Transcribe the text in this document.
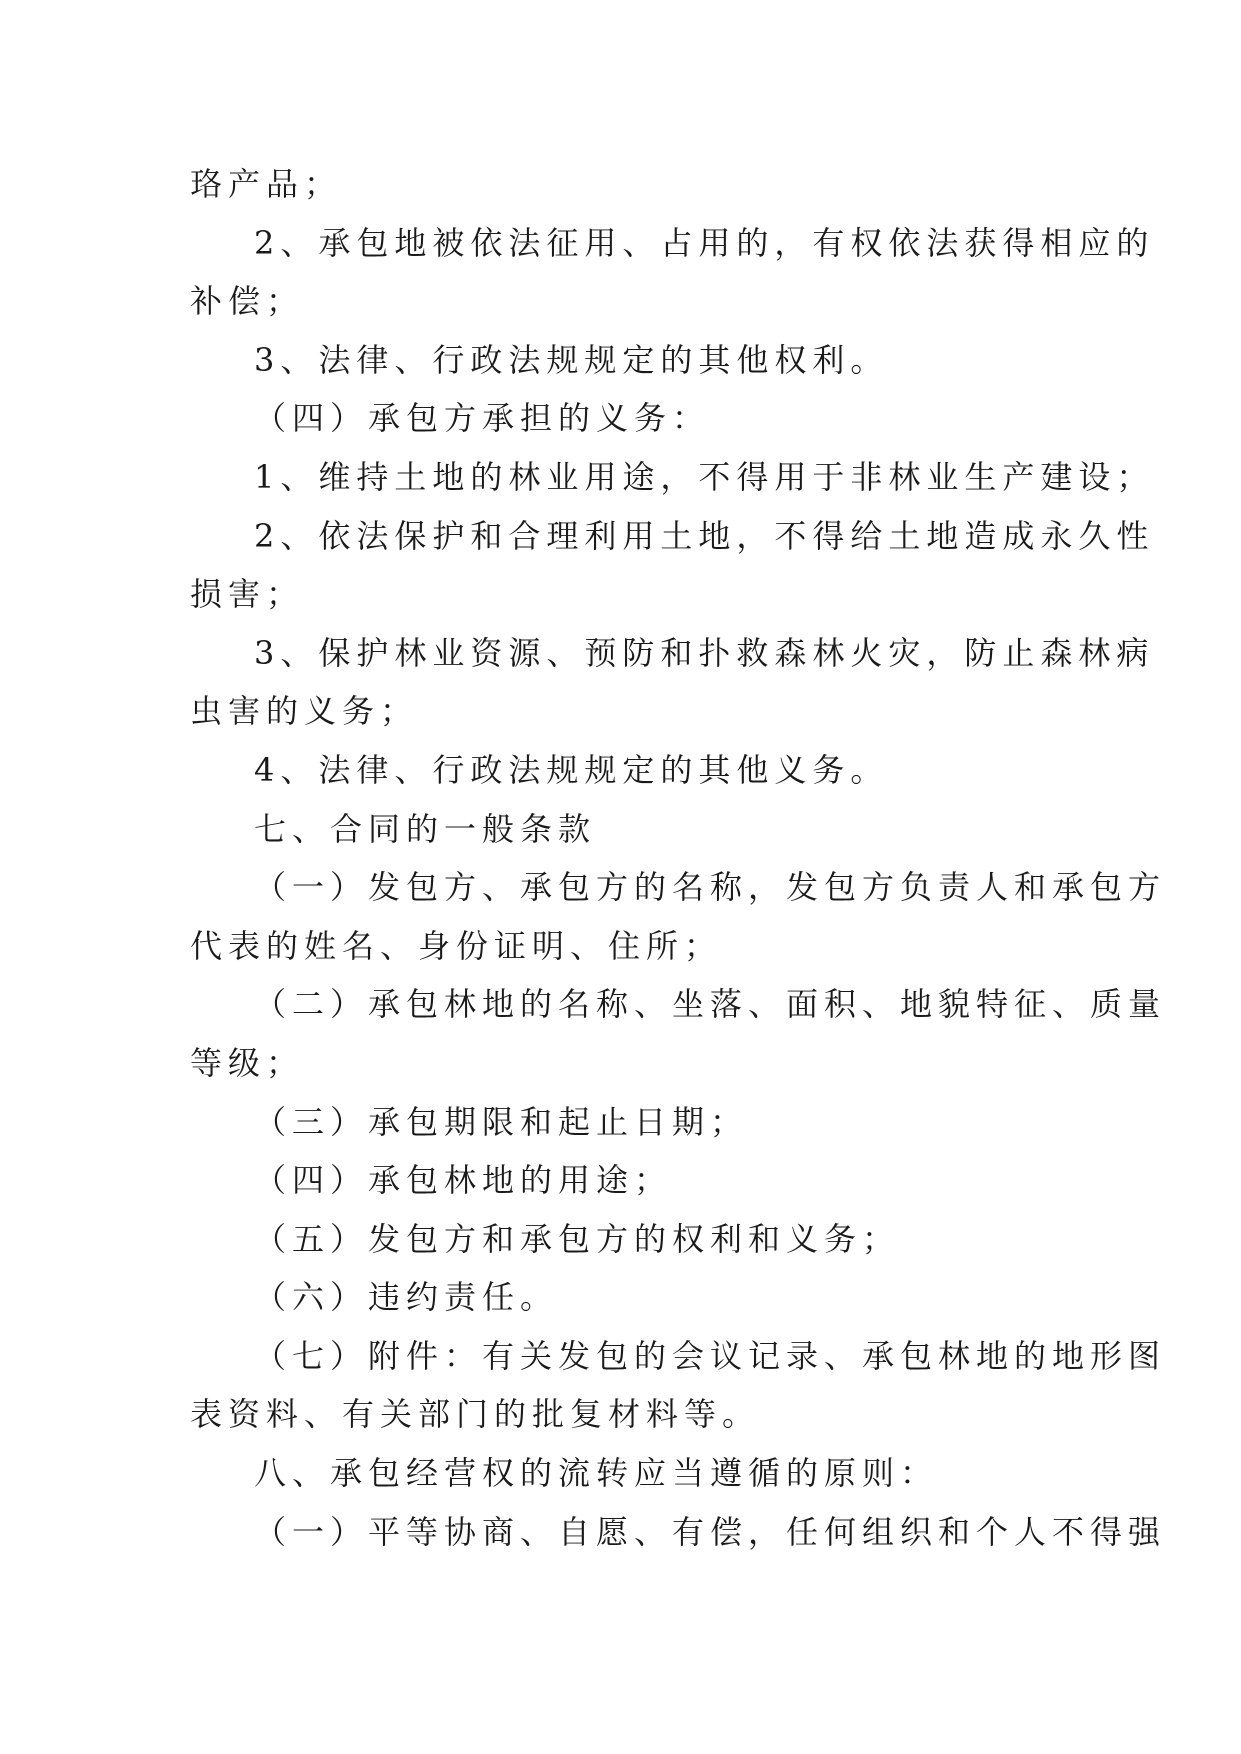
珞产品；

2、承包地被依法征用、占用的，有权依法获得相应的

补偿；

3、法律、行政法规规定的其他权利。

（四）承包方承担的义务：

1、维持土地的林业用途，不得用于非林业生产建设；

2、依法保护和合理利用土地，不得给土地造成永久性

损害；

3、保护林业资源、预防和扑救森林火灾，防止森林病

虫害的义务；

4、法律、行政法规规定的其他义务。

七、合同的一般条款

（一）发包方、承包方的名称，发包方负责人和承包方

代表的姓名、身份证明、住所；

（二）承包林地的名称、坐落、面积、地貌特征、质量

等级；

（三）承包期限和起止日期；

（四）承包林地的用途；

（五）发包方和承包方的权利和义务；

（六）违约责任。

（七）附件：有关发包的会议记录、承包林地的地形图

表资料、有关部门的批复材料等。

八、承包经营权的流转应当遵循的原则：

（一）平等协商、自愿、有偿，任何组织和个人不得强
